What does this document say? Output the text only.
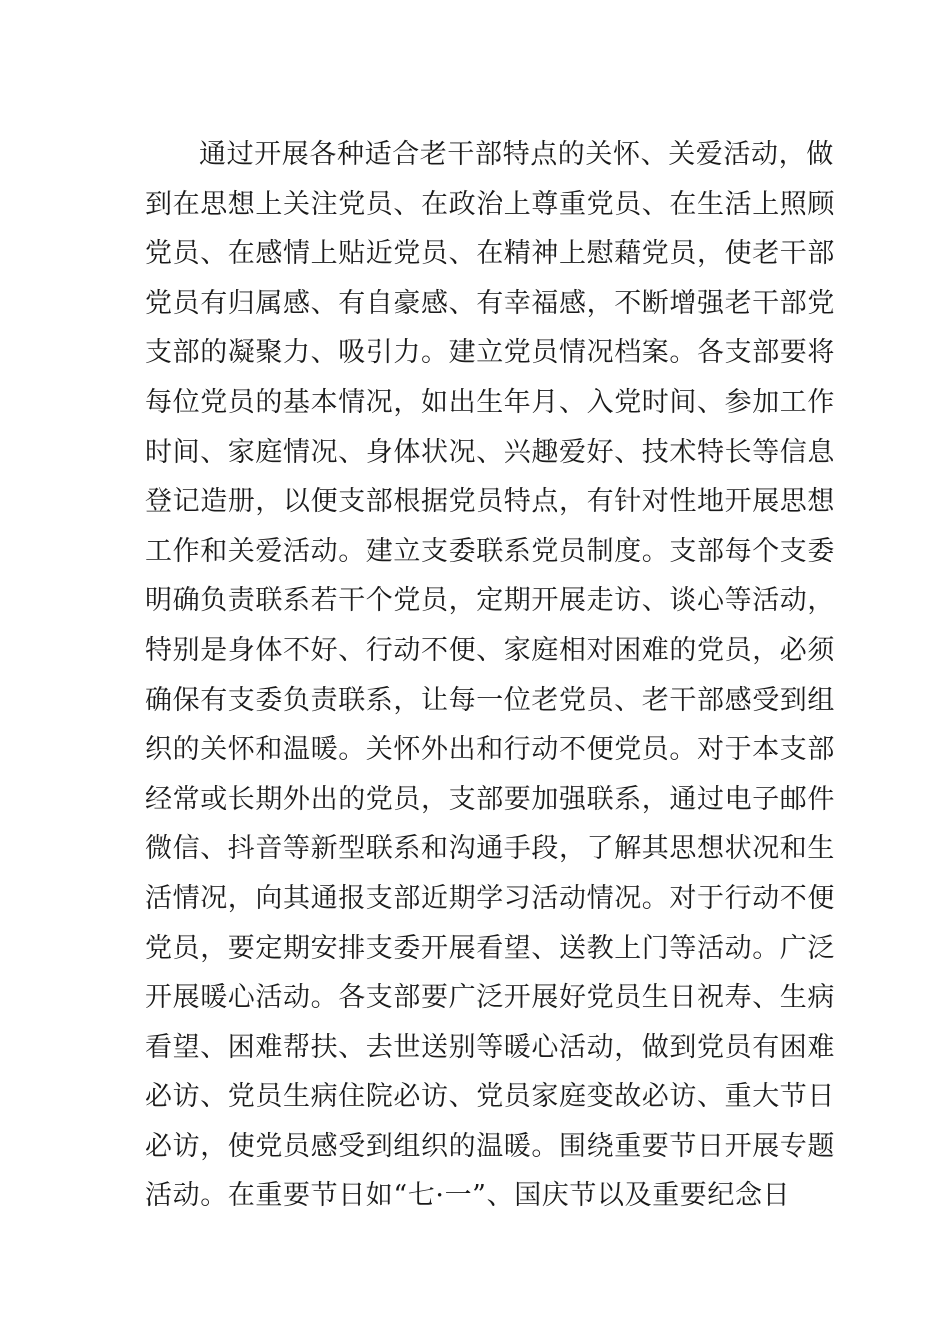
通过开展各种适合老干部特点的关怀、关爱活动，做
到在思想上关注党员、在政治上尊重党员、在生活上照顾
党员、在感情上贴近党员、在精神上慰藉党员，使老干部
党员有归属感、有自豪感、有幸福感，不断增强老干部党
支部的凝聚力、吸引力。建立党员情况档案。各支部要将
每位党员的基本情况，如出生年月、入党时间、参加工作
时间、家庭情况、身体状况、兴趣爱好、技术特长等信息
登记造册，以便支部根据党员特点，有针对性地开展思想
工作和关爱活动。建立支委联系党员制度。支部每个支委
明确负责联系若干个党员，定期开展走访、谈心等活动，
特别是身体不好、行动不便、家庭相对困难的党员，必须
确保有支委负责联系，让每一位老党员、老干部感受到组
织的关怀和温暖。关怀外出和行动不便党员。对于本支部
经常或长期外出的党员，支部要加强联系，通过电子邮件
微信、抖音等新型联系和沟通手段，了解其思想状况和生
活情况，向其通报支部近期学习活动情况。对于行动不便
党员，要定期安排支委开展看望、送教上门等活动。广泛
开展暖心活动。各支部要广泛开展好党员生日祝寿、生病
看望、困难帮扶、去世送别等暖心活动，做到党员有困难
必访、党员生病住院必访、党员家庭变故必访、重大节日
必访，使党员感受到组织的温暖。围绕重要节日开展专题
活动。在重要节日如“七·一”、国庆节以及重要纪念日
